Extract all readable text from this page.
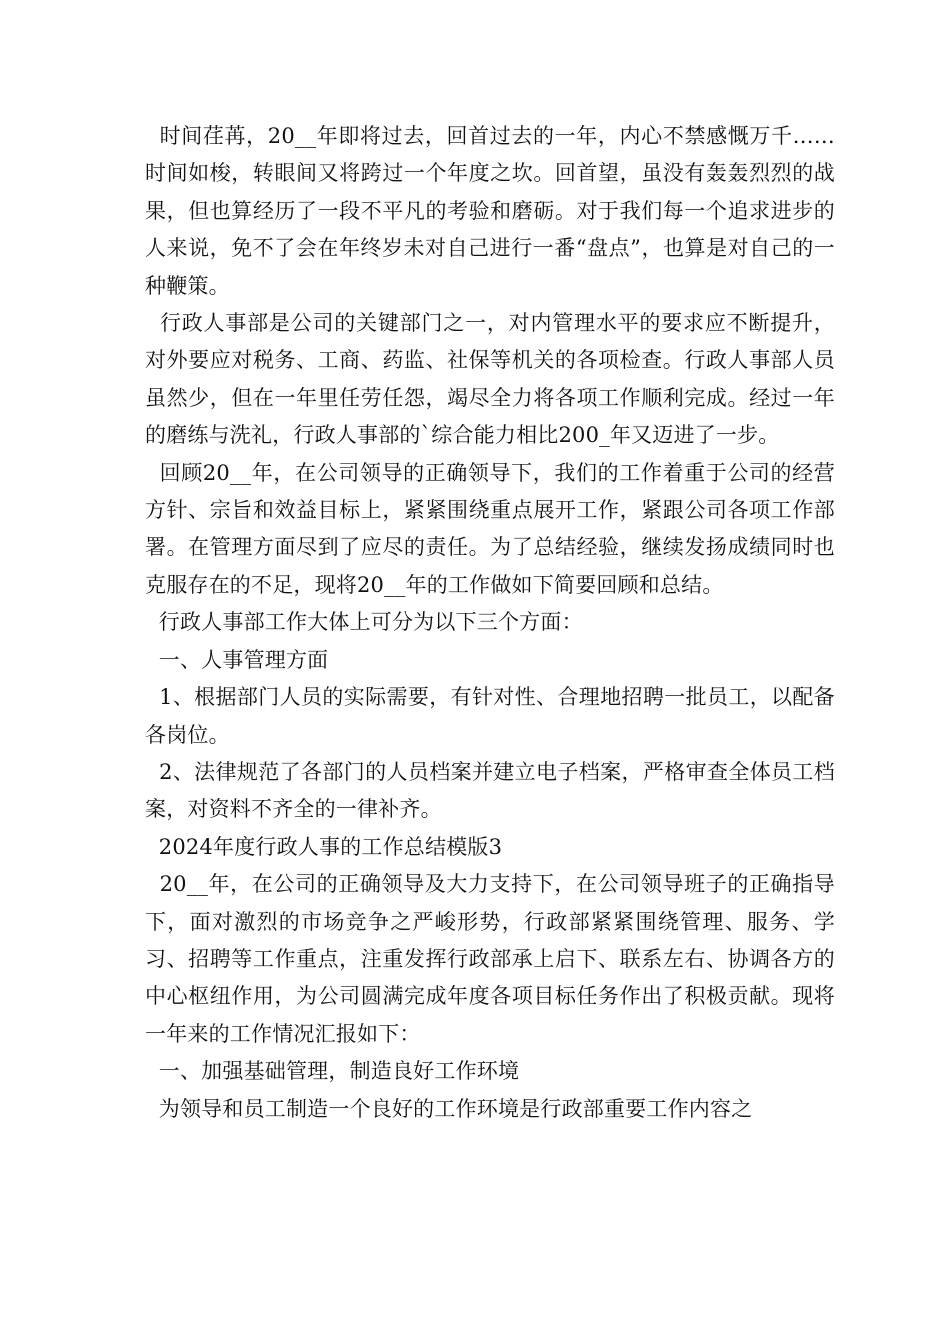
时间荏苒，20__年即将过去，回首过去的一年，内心不禁感慨万千……时间如梭，转眼间又将跨过一个年度之坎。回首望，虽没有轰轰烈烈的战果，但也算经历了一段不平凡的考验和磨砺。对于我们每一个追求进步的人来说，免不了会在年终岁未对自己进行一番“盘点”，也算是对自己的一种鞭策。

行政人事部是公司的关键部门之一，对内管理水平的要求应不断提升，对外要应对税务、工商、药监、社保等机关的各项检查。行政人事部人员虽然少，但在一年里任劳任怨，竭尽全力将各项工作顺利完成。经过一年的磨练与洗礼，行政人事部的`综合能力相比200_年又迈进了一步。

回顾20__年，在公司领导的正确领导下，我们的工作着重于公司的经营方针、宗旨和效益目标上，紧紧围绕重点展开工作，紧跟公司各项工作部署。在管理方面尽到了应尽的责任。为了总结经验，继续发扬成绩同时也克服存在的不足，现将20__年的工作做如下简要回顾和总结。

行政人事部工作大体上可分为以下三个方面：

一、人事管理方面

1、根据部门人员的实际需要，有针对性、合理地招聘一批员工，以配备各岗位。

2、法律规范了各部门的人员档案并建立电子档案，严格审查全体员工档案，对资料不齐全的一律补齐。

2024年度行政人事的工作总结模版3

20__年，在公司的正确领导及大力支持下，在公司领导班子的正确指导下，面对激烈的市场竞争之严峻形势，行政部紧紧围绕管理、服务、学习、招聘等工作重点，注重发挥行政部承上启下、联系左右、协调各方的中心枢纽作用，为公司圆满完成年度各项目标任务作出了积极贡献。现将一年来的工作情况汇报如下：

一、加强基础管理，制造良好工作环境

为领导和员工制造一个良好的工作环境是行政部重要工作内容之
